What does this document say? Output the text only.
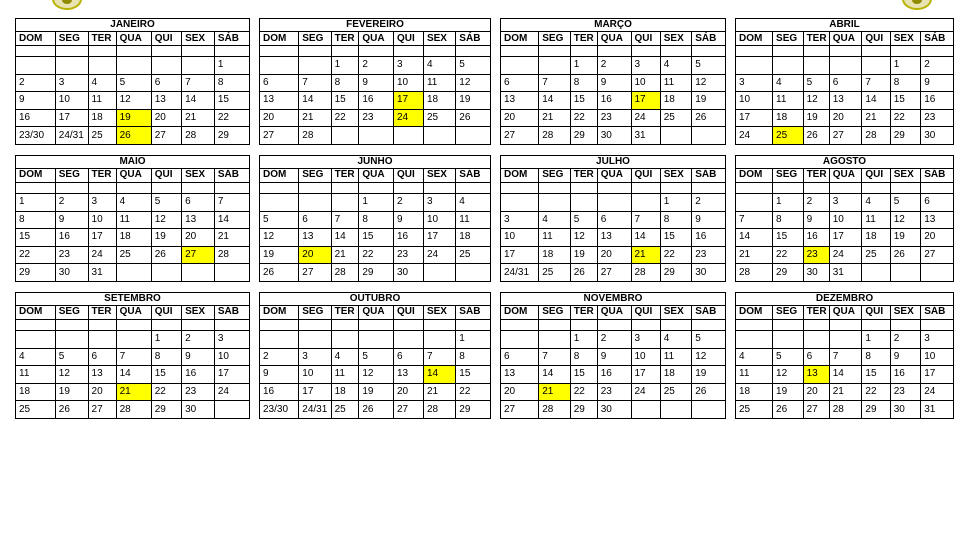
JANEIRO						
DOM	SEG	TER	QUA	QUI	SEX	SÁB

						1
2	3	4	5	6	7	8
9	10	11	12	13	14	15
16	17	18	19	20	21	22
23/30	24/31	25	26	27	28	29
FEVEREIRO						
DOM	SEG	TER	QUA	QUI	SEX	SÁB

		1	2	3	4	5
6	7	8	9	10	11	12
13	14	15	16	17	18	19
20	21	22	23	24	25	26
27	28					
MARÇO						
DOM	SEG	TER	QUA	QUI	SEX	SÁB

		1	2	3	4	5
6	7	8	9	10	11	12
13	14	15	16	17	18	19
20	21	22	23	24	25	26
27	28	29	30	31		
ABRIL						
DOM	SEG	TER	QUA	QUI	SEX	SÁB

					1	2
3	4	5	6	7	8	9
10	11	12	13	14	15	16
17	18	19	20	21	22	23
24	25	26	27	28	29	30
MAIO						
DOM	SEG	TER	QUA	QUI	SEX	SÁB

1	2	3	4	5	6	7
8	9	10	11	12	13	14
15	16	17	18	19	20	21
22	23	24	25	26	27	28
29	30	31				
JUNHO						
DOM	SEG	TER	QUA	QUI	SEX	SÁB

			1	2	3	4
5	6	7	8	9	10	11
12	13	14	15	16	17	18
19	20	21	22	23	24	25
26	27	28	29	30		
JULHO						
DOM	SEG	TER	QUA	QUI	SEX	SÁB

					1	2
3	4	5	6	7	8	9
10	11	12	13	14	15	16
17	18	19	20	21	22	23
24/31	25	26	27	28	29	30
AGOSTO						
DOM	SEG	TER	QUA	QUI	SEX	SÁB

	1	2	3	4	5	6
7	8	9	10	11	12	13
14	15	16	17	18	19	20
21	22	23	24	25	26	27
28	29	30	31			
SETEMBRO						
DOM	SEG	TER	QUA	QUI	SEX	SÁB

				1	2	3
4	5	6	7	8	9	10
11	12	13	14	15	16	17
18	19	20	21	22	23	24
25	26	27	28	29	30	
OUTUBRO						
DOM	SEG	TER	QUA	QUI	SEX	SÁB

						1
2	3	4	5	6	7	8
9	10	11	12	13	14	15
16	17	18	19	20	21	22
23/30	24/31	25	26	27	28	29
NOVEMBRO						
DOM	SEG	TER	QUA	QUI	SEX	SÁB

		1	2	3	4	5
6	7	8	9	10	11	12
13	14	15	16	17	18	19
20	21	22	23	24	25	26
27	28	29	30			
DEZEMBRO						
DOM	SEG	TER	QUA	QUI	SEX	SÁB

				1	2	3
4	5	6	7	8	9	10
11	12	13	14	15	16	17
18	19	20	21	22	23	24
25	26	27	28	29	30	31
